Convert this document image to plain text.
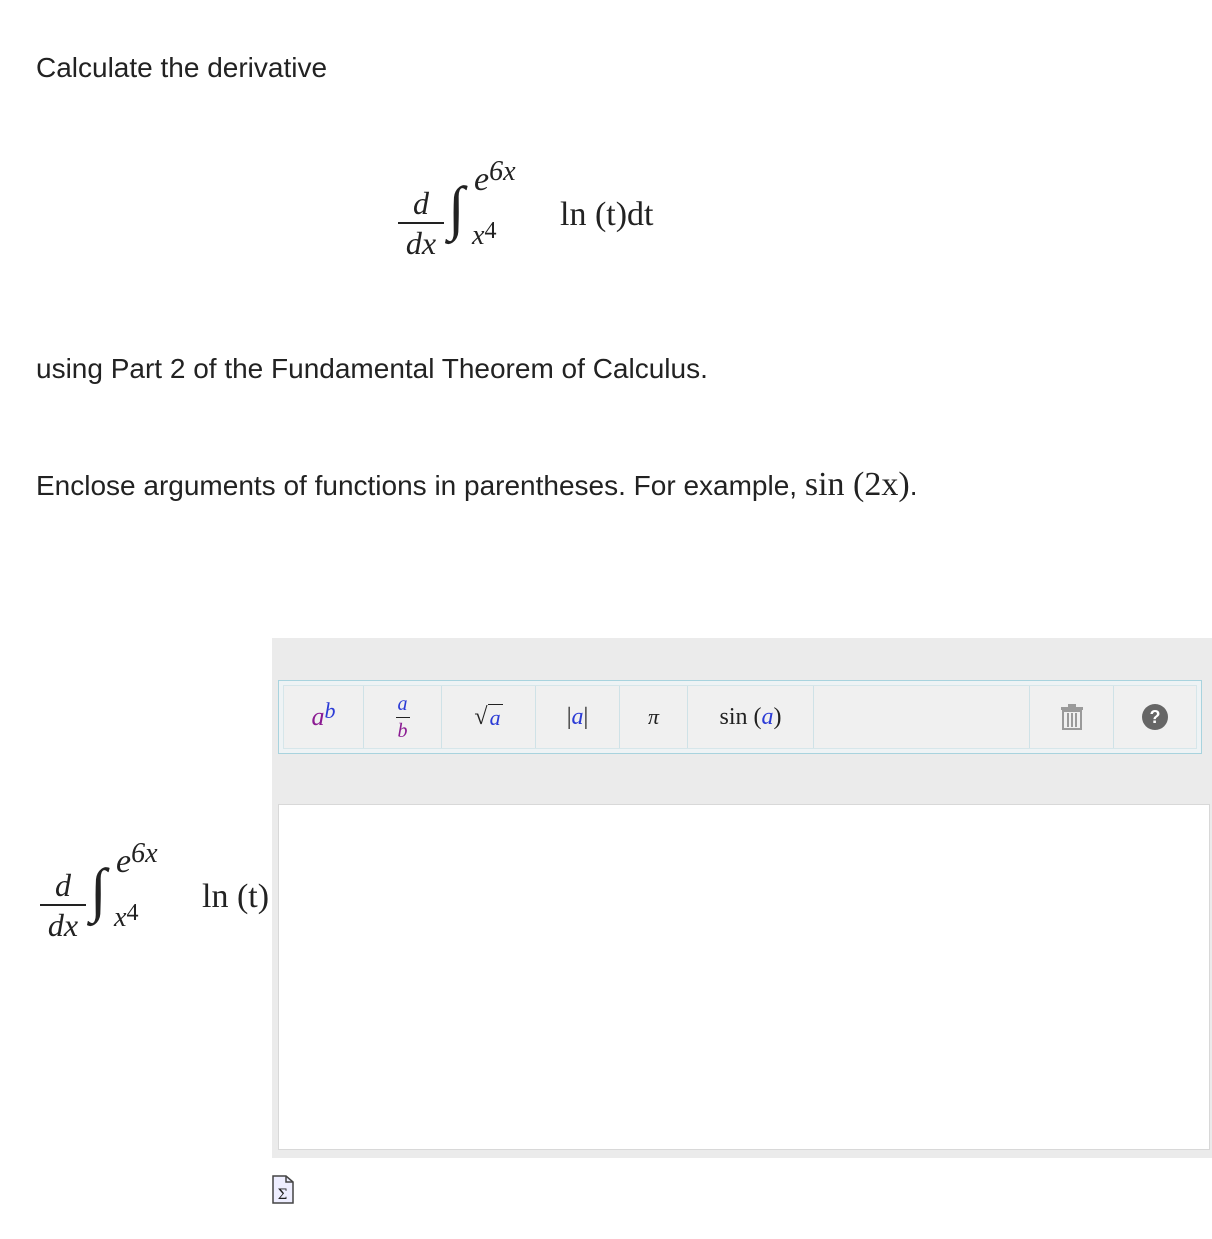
Calculate the derivative
d
dx
∫ $e^{6x}$
$x^4$ ln (t)dt
using Part 2 of the Fundamental Theorem of Calculus.
Enclose arguments of functions in parentheses. For example, sin (2x).
d
dx
∫ $e^{6x}$
$x^4$ ln (t)
$a^b$	a
b
√ a	| a |	π	sin ( a )	?
Σ
